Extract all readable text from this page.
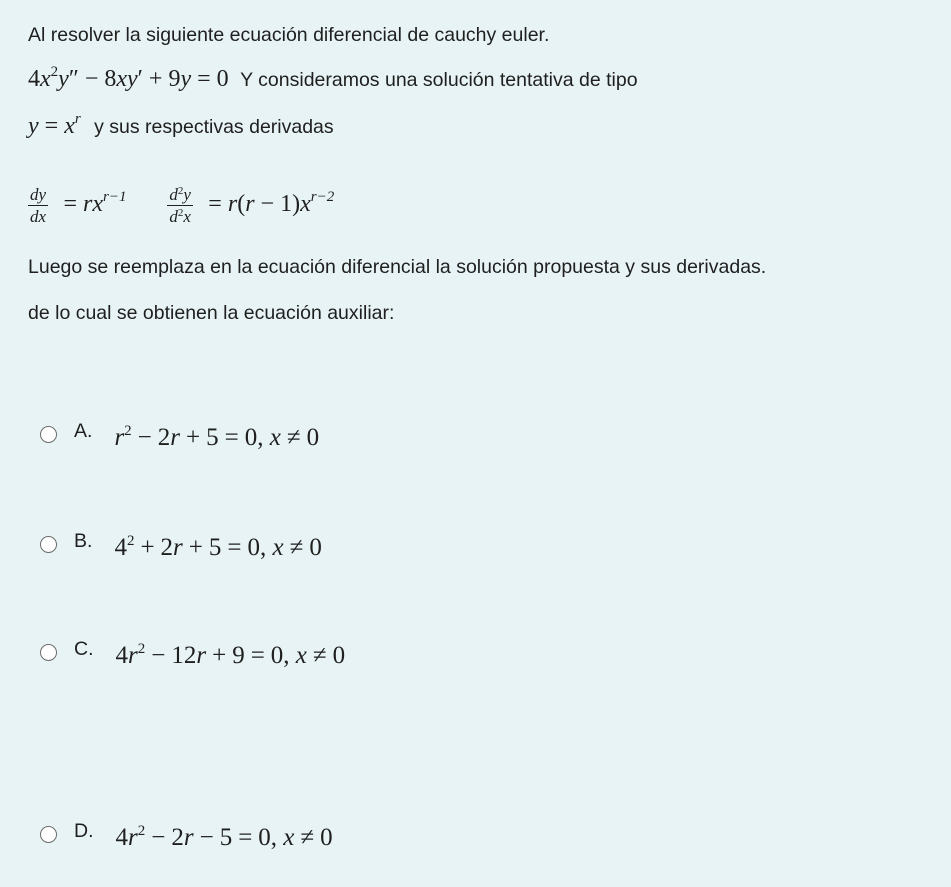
Al resolver la siguiente ecuación diferencial de cauchy euler.
$4x^2y'' - 8xy' + 9y = 0$ Y consideramos una solución tentativa de tipo
$y = x^r$ y sus respectivas derivadas
$\frac{dy}{dx} = rx^{r-1} \frac{d^2y}{d^2x} = r(r - 1)x^{r-2}$
Luego se reemplaza en la ecuación diferencial la solución propuesta y sus derivadas.
de lo cual se obtienen la ecuación auxiliar:
A. $r^2 - 2r + 5 = 0$, x ≠ 0
B. $4^2 + 2r + 5 = 0$, x ≠ 0
C. $4r^2 - 12r + 9 = 0$, x ≠ 0
D. $4r^2 - 2r - 5 = 0$, x ≠ 0
